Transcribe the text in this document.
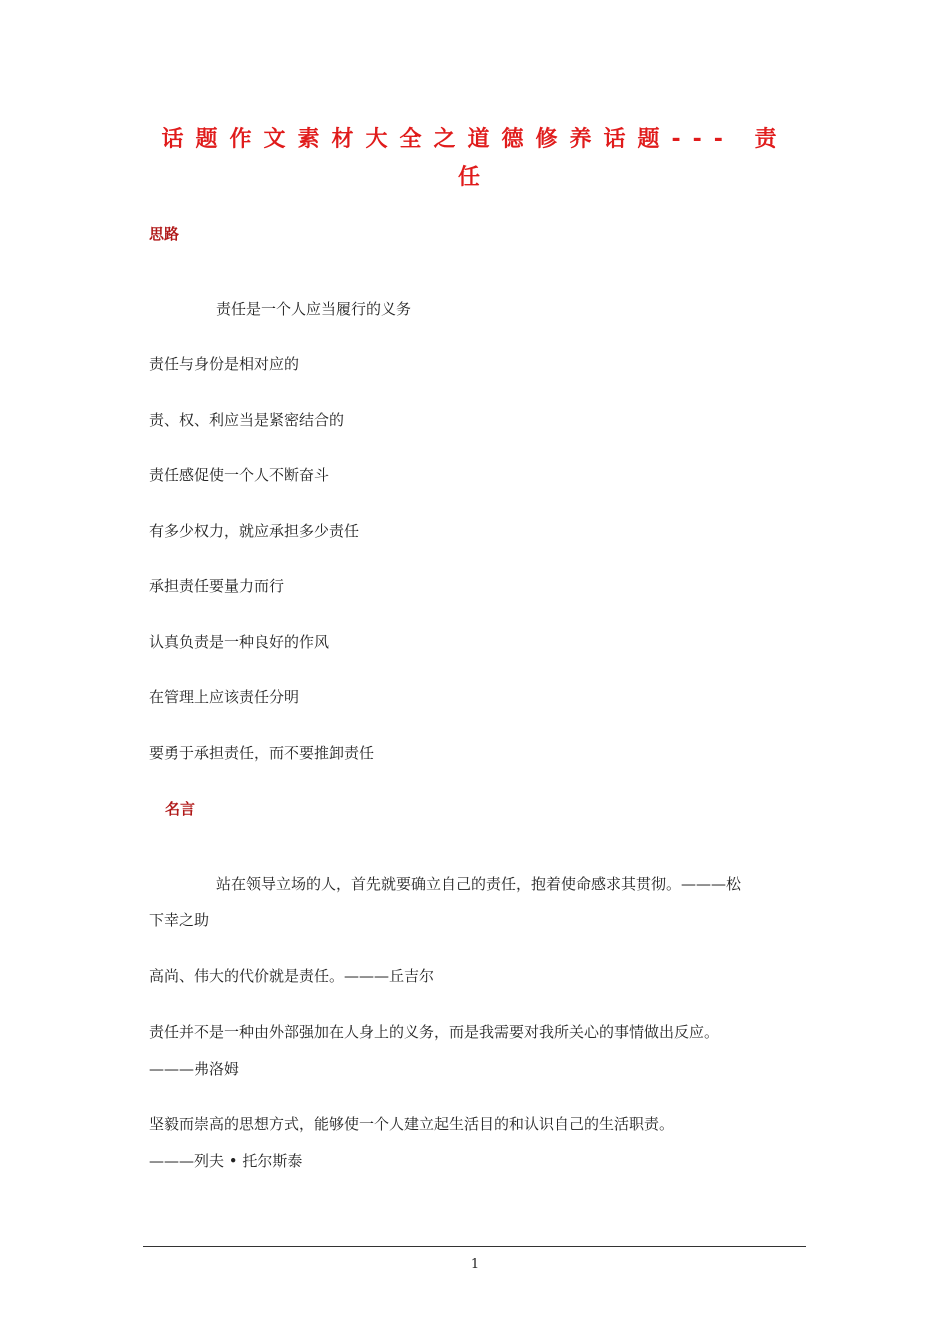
话题作文素材大全之道德修养话题--- 责
任
思路
责任是一个人应当履行的义务
责任与身份是相对应的
责、权、利应当是紧密结合的
责任感促使一个人不断奋斗
有多少权力，就应承担多少责任
承担责任要量力而行
认真负责是一种良好的作风
在管理上应该责任分明
要勇于承担责任，而不要推卸责任
名言
站在领导立场的人，首先就要确立自己的责任，抱着使命感求其贯彻。———松
下幸之助
高尚、伟大的代价就是责任。———丘吉尔
责任并不是一种由外部强加在人身上的义务，而是我需要对我所关心的事情做出反应。
———弗洛姆
坚毅而崇高的思想方式，能够使一个人建立起生活目的和认识自己的生活职责。
———列夫 • 托尔斯泰
1
